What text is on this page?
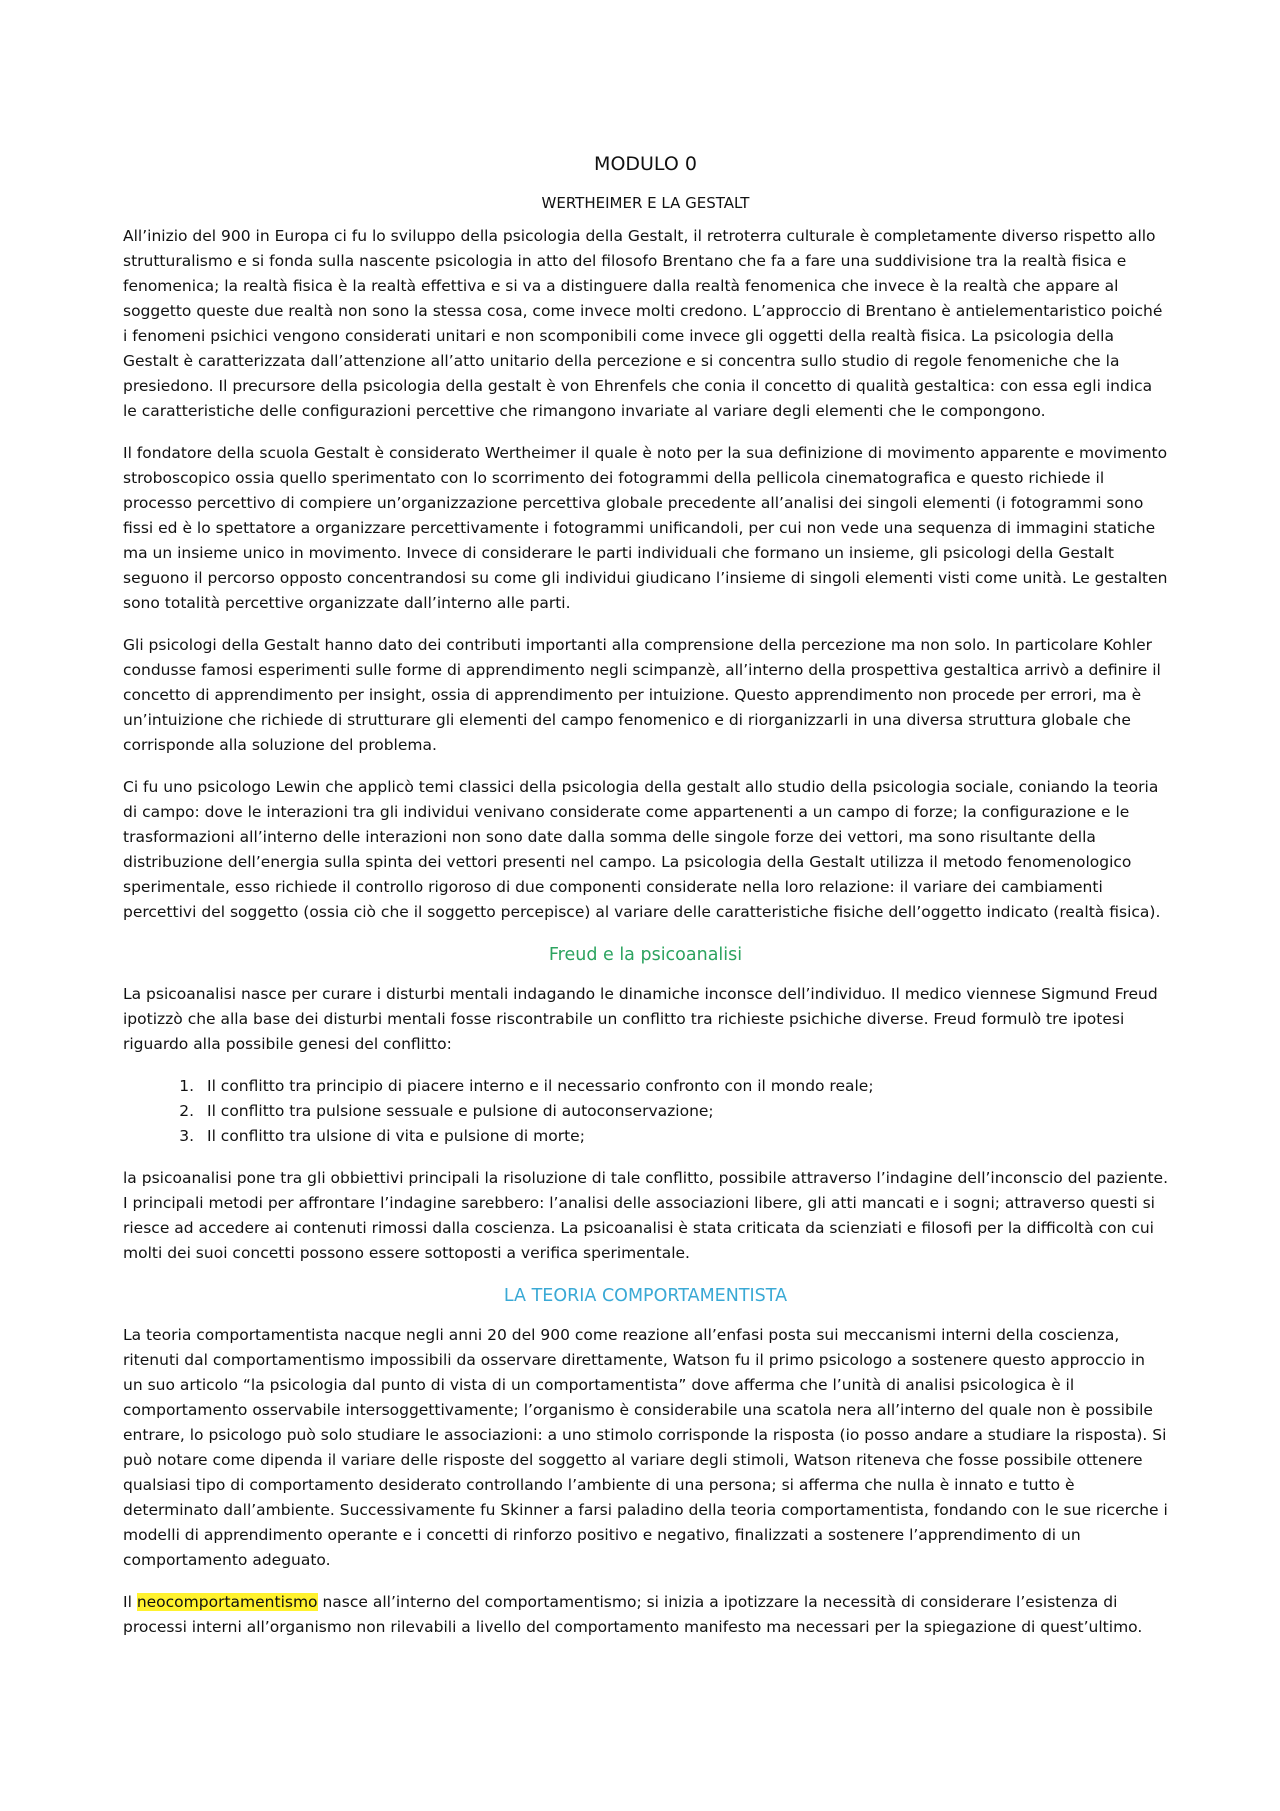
MODULO 0
WERTHEIMER E LA GESTALT

All’inizio del 900 in Europa ci fu lo sviluppo della psicologia della Gestalt, il retroterra culturale è completamente diverso rispetto allo strutturalismo e si fonda sulla nascente psicologia in atto del filosofo Brentano che fa a fare una suddivisione tra la realtà fisica e fenomenica; la realtà fisica è la realtà effettiva e si va a distinguere dalla realtà fenomenica che invece è la realtà che appare al soggetto queste due realtà non sono la stessa cosa, come invece molti credono. L’approccio di Brentano è antielementaristico poiché i fenomeni psichici vengono considerati unitari e non scomponibili come invece gli oggetti della realtà fisica. La psicologia della Gestalt è caratterizzata dall’attenzione all’atto unitario della percezione e si concentra sullo studio di regole fenomeniche che la presiedono. Il precursore della psicologia della gestalt è von Ehrenfels che conia il concetto di qualità gestaltica: con essa egli indica le caratteristiche delle configurazioni percettive che rimangono invariate al variare degli elementi che le compongono.

Il fondatore della scuola Gestalt è considerato Wertheimer il quale è noto per la sua definizione di movimento apparente e movimento stroboscopico ossia quello sperimentato con lo scorrimento dei fotogrammi della pellicola cinematografica e questo richiede il processo percettivo di compiere un’organizzazione percettiva globale precedente all’analisi dei singoli elementi (i fotogrammi sono fissi ed è lo spettatore a organizzare percettivamente i fotogrammi unificandoli, per cui non vede una sequenza di immagini statiche ma un insieme unico in movimento. Invece di considerare le parti individuali che formano un insieme, gli psicologi della Gestalt seguono il percorso opposto concentrandosi su come gli individui giudicano l’insieme di singoli elementi visti come unità. Le gestalten sono totalità percettive organizzate dall’interno alle parti.

Gli psicologi della Gestalt hanno dato dei contributi importanti alla comprensione della percezione ma non solo. In particolare Kohler condusse famosi esperimenti sulle forme di apprendimento negli scimpanzè, all’interno della prospettiva gestaltica arrivò a definire il concetto di apprendimento per insight, ossia di apprendimento per intuizione. Questo apprendimento non procede per errori, ma è un’intuizione che richiede di strutturare gli elementi del campo fenomenico e di riorganizzarli in una diversa struttura globale che corrisponde alla soluzione del problema.

Ci fu uno psicologo Lewin che applicò temi classici della psicologia della gestalt allo studio della psicologia sociale, coniando la teoria di campo: dove le interazioni tra gli individui venivano considerate come appartenenti a un campo di forze; la configurazione e le trasformazioni all’interno delle interazioni non sono date dalla somma delle singole forze dei vettori, ma sono risultante della distribuzione dell’energia sulla spinta dei vettori presenti nel campo. La psicologia della Gestalt utilizza il metodo fenomenologico sperimentale, esso richiede il controllo rigoroso di due componenti considerate nella loro relazione: il variare dei cambiamenti percettivi del soggetto (ossia ciò che il soggetto percepisce) al variare delle caratteristiche fisiche dell’oggetto indicato (realtà fisica).

Freud e la psicoanalisi

La psicoanalisi nasce per curare i disturbi mentali indagando le dinamiche inconsce dell’individuo. Il medico viennese Sigmund Freud ipotizzò che alla base dei disturbi mentali fosse riscontrabile un conflitto tra richieste psichiche diverse. Freud formulò tre ipotesi riguardo alla possibile genesi del conflitto:

1. Il conflitto tra principio di piacere interno e il necessario confronto con il mondo reale;
2. Il conflitto tra pulsione sessuale e pulsione di autoconservazione;
3. Il conflitto tra ulsione di vita e pulsione di morte;

la psicoanalisi pone tra gli obbiettivi principali la risoluzione di tale conflitto, possibile attraverso l’indagine dell’inconscio del paziente. I principali metodi per affrontare l’indagine sarebbero: l’analisi delle associazioni libere, gli atti mancati e i sogni; attraverso questi si riesce ad accedere ai contenuti rimossi dalla coscienza. La psicoanalisi è stata criticata da scienziati e filosofi per la difficoltà con cui molti dei suoi concetti possono essere sottoposti a verifica sperimentale.

LA TEORIA COMPORTAMENTISTA

La teoria comportamentista nacque negli anni 20 del 900 come reazione all’enfasi posta sui meccanismi interni della coscienza, ritenuti dal comportamentismo impossibili da osservare direttamente, Watson fu il primo psicologo a sostenere questo approccio in un suo articolo “la psicologia dal punto di vista di un comportamentista” dove afferma che l’unità di analisi psicologica è il comportamento osservabile intersoggettivamente; l’organismo è considerabile una scatola nera all’interno del quale non è possibile entrare, lo psicologo può solo studiare le associazioni: a uno stimolo corrisponde la risposta (io posso andare a studiare la risposta). Si può notare come dipenda il variare delle risposte del soggetto al variare degli stimoli, Watson riteneva che fosse possibile ottenere qualsiasi tipo di comportamento desiderato controllando l’ambiente di una persona; si afferma che nulla è innato e tutto è determinato dall’ambiente. Successivamente fu Skinner a farsi paladino della teoria comportamentista, fondando con le sue ricerche i modelli di apprendimento operante e i concetti di rinforzo positivo e negativo, finalizzati a sostenere l’apprendimento di un comportamento adeguato.

Il neocomportamentismo nasce all’interno del comportamentismo; si inizia a ipotizzare la necessità di considerare l’esistenza di processi interni all’organismo non rilevabili a livello del comportamento manifesto ma necessari per la spiegazione di quest’ultimo.
